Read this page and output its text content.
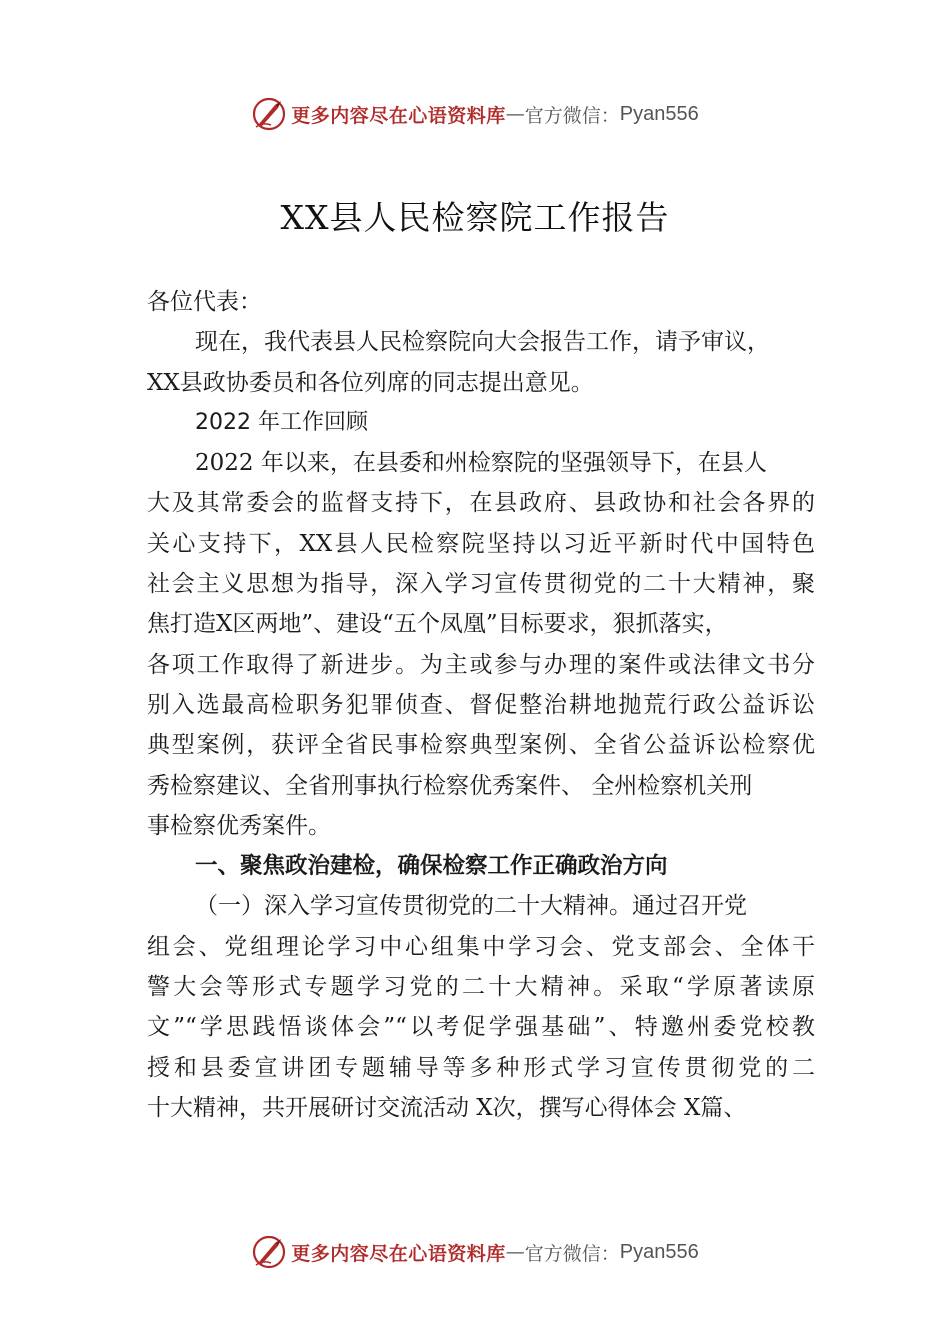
更多内容尽在心语资料库 — 官方微信： Pyan556
XX县人民检察院工作报告
各位代表：
现在，我代表县人民检察院向大会报告工作，请予审议，
XX县政协委员和各位列席的同志提出意见。
2022 年工作回顾
2022 年以来，在县委和州检察院的坚强领导下，在县人
大及其常委会的监督支持下，在县政府、县政协和社会各界的
关心支持下，XX县人民检察院坚持以习近平新时代中国特色
社会主义思想为指导，深入学习宣传贯彻党的二十大精神，聚
焦打造X区两地”、建设“五个凤凰”目标要求，狠抓落实，
各项工作取得了新进步。为主或参与办理的案件或法律文书分
别入选最高检职务犯罪侦查、督促整治耕地抛荒行政公益诉讼
典型案例，获评全省民事检察典型案例、全省公益诉讼检察优
秀检察建议、全省刑事执行检察优秀案件、 全州检察机关刑
事检察优秀案件。
一、聚焦政治建检，确保检察工作正确政治方向
（一）深入学习宣传贯彻党的二十大精神。通过召开党
组会、党组理论学习中心组集中学习会、党支部会、全体干
警大会等形式专题学习党的二十大精神。采取“学原著读原
文”“学思践悟谈体会”“以考促学强基础”、特邀州委党校教
授和县委宣讲团专题辅导等多种形式学习宣传贯彻党的二
十大精神，共开展研讨交流活动 X次，撰写心得体会 X篇、
更多内容尽在心语资料库 — 官方微信： Pyan556
